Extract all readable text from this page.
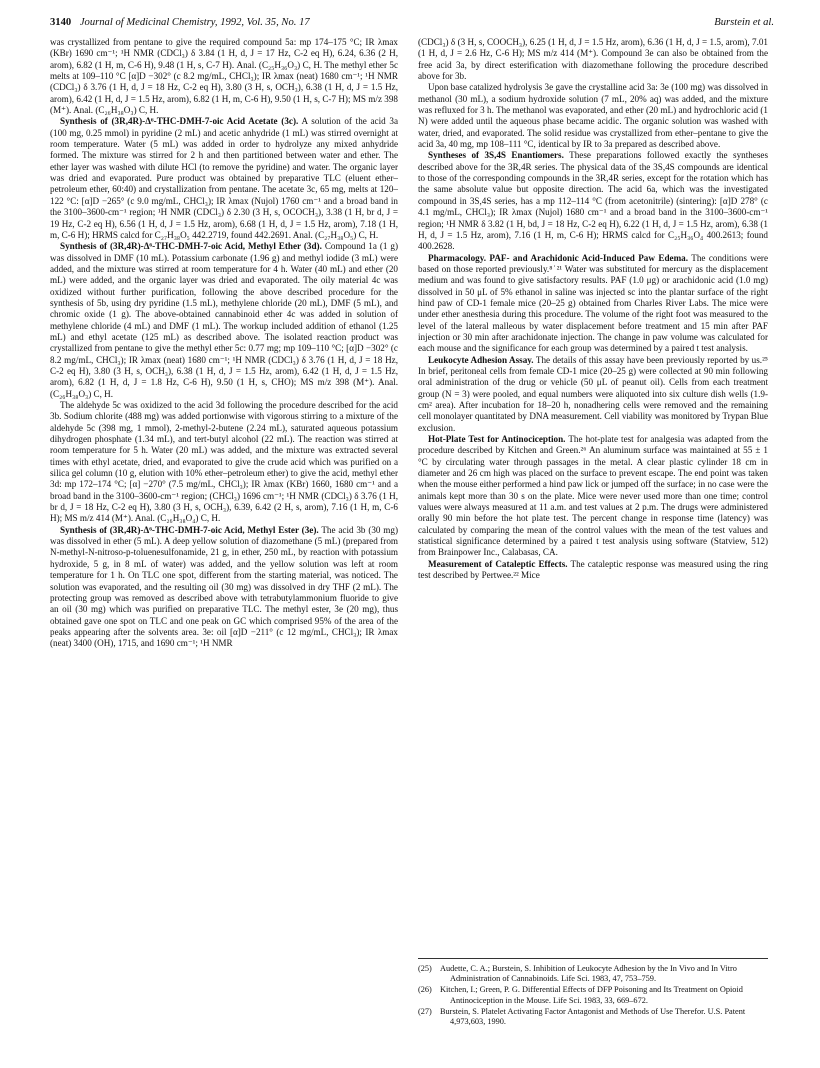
3140 Journal of Medicinal Chemistry, 1992, Vol. 35, No. 17	Burstein et al.

was crystallized from pentane to give the required compound 5a: mp 174–175 °C; IR λmax (KBr) 1690 cm⁻¹; ¹H NMR (CDCl₃) δ 3.84 (1 H, d, J = 17 Hz, C-2 eq H), 6.24, 6.36 (2 H, arom), 6.82 (1 H, m, C-6 H), 9.48 (1 H, s, C-7 H). Anal. (C₂₅H₃₆O₃) C, H. The methyl ether 5c melts at 109–110 °C [α]D −302° (c 8.2 mg/mL, CHCl₃); IR λmax (neat) 1680 cm⁻¹; ¹H NMR (CDCl₃) δ 3.76 (1 H, d, J = 18 Hz, C-2 eq H), 3.80 (3 H, s, OCH₃), 6.38 (1 H, d, J = 1.5 Hz, arom), 6.42 (1 H, d, J = 1.5 Hz, arom), 6.82 (1 H, m, C-6 H), 9.50 (1 H, s, C-7 H); MS m/z 398 (M⁺). Anal. (C₂₆H₃₈O₃) C, H.

Synthesis of (3R,4R)-Δ⁶-THC-DMH-7-oic Acid Acetate (3c). A solution of the acid 3a (100 mg, 0.25 mmol) in pyridine (2 mL) and acetic anhydride (1 mL) was stirred overnight at room temperature. Water (5 mL) was added in order to hydrolyze any mixed anhydride formed. The mixture was stirred for 2 h and then partitioned between water and ether. The ether layer was washed with dilute HCl (to remove the pyridine) and water. The organic layer was dried and evaporated. Pure product was obtained by preparative TLC (eluent ether–petroleum ether, 60:40) and crystallization from pentane. The acetate 3c, 65 mg, melts at 120–122 °C: [α]D −265° (c 9.0 mg/mL, CHCl₃); IR λmax (Nujol) 1760 cm⁻¹ and a broad band in the 3100–3600-cm⁻¹ region; ¹H NMR (CDCl₃) δ 2.30 (3 H, s, OCOCH₃), 3.38 (1 H, br d, J = 19 Hz, C-2 eq H), 6.56 (1 H, d, J = 1.5 Hz, arom), 6.68 (1 H, d, J = 1.5 Hz, arom), 7.18 (1 H, m, C-6 H); HRMS calcd for C₂₇H₃₈O₅ 442.2719, found 442.2691. Anal. (C₂₇H₃₈O₅) C, H.

Synthesis of (3R,4R)-Δ⁶-THC-DMH-7-oic Acid, Methyl Ether (3d). Compound 1a (1 g) was dissolved in DMF (10 mL). Potassium carbonate (1.96 g) and methyl iodide (3 mL) were added, and the mixture was stirred at room temperature for 4 h. Water (40 mL) and ether (20 mL) were added, and the organic layer was dried and evaporated. The oily material 4c was oxidized without further purification, following the above described procedure for the synthesis of 5b, using dry pyridine (1.5 mL), methylene chloride (20 mL), DMF (5 mL), and chromic oxide (1 g). The above-obtained cannabinoid ether 4c was added in solution of methylene chloride (4 mL) and DMF (1 mL). The workup included addition of ethanol (1.25 mL) and ethyl acetate (125 mL) as described above. The isolated reaction product was crystallized from pentane to give the methyl ether 5c: 0.77 mg; mp 109–110 °C; [α]D −302° (c 8.2 mg/mL, CHCl₃); IR λmax (neat) 1680 cm⁻¹; ¹H NMR (CDCl₃) δ 3.76 (1 H, d, J = 18 Hz, C-2 eq H), 3.80 (3 H, s, OCH₃), 6.38 (1 H, d, J = 1.5 Hz, arom), 6.42 (1 H, d, J = 1.5 Hz, arom), 6.82 (1 H, d, J = 1.8 Hz, C-6 H), 9.50 (1 H, s, CHO); MS m/z 398 (M⁺). Anal. (C₂₆H₃₈O₃) C, H.

The aldehyde 5c was oxidized to the acid 3d following the procedure described for the acid 3b. Sodium chlorite (488 mg) was added portionwise with vigorous stirring to a mixture of the aldehyde 5c (398 mg, 1 mmol), 2-methyl-2-butene (2.24 mL), saturated aqueous potassium dihydrogen phosphate (1.34 mL), and tert-butyl alcohol (22 mL). The reaction was stirred at room temperature for 5 h. Water (20 mL) was added, and the mixture was extracted several times with ethyl acetate, dried, and evaporated to give the crude acid which was purified on a silica gel column (10 g, elution with 10% ether–petroleum ether) to give the acid, methyl ether 3d: mp 172–174 °C; [α] −270° (7.5 mg/mL, CHCl₃); IR λmax (KBr) 1660, 1680 cm⁻¹ and a broad band in the 3100–3600-cm⁻¹ region; (CHCl₃) 1696 cm⁻¹; ¹H NMR (CDCl₃) δ 3.76 (1 H, br d, J = 18 Hz, C-2 eq H), 3.80 (3 H, s, OCH₃), 6.39, 6.42 (2 H, s, arom), 7.16 (1 H, m, C-6 H); MS m/z 414 (M⁺). Anal. (C₂₆H₃₈O₄) C, H.

Synthesis of (3R,4R)-Δ⁶-THC-DMH-7-oic Acid, Methyl Ester (3e). The acid 3b (30 mg) was dissolved in ether (5 mL). A deep yellow solution of diazomethane (5 mL) (prepared from N-methyl-N-nitroso-p-toluenesulfonamide, 21 g, in ether, 250 mL, by reaction with potassium hydroxide, 5 g, in 8 mL of water) was added, and the yellow solution was left at room temperature for 1 h. On TLC one spot, different from the starting material, was noticed. The solution was evaporated, and the resulting oil (30 mg) was dissolved in dry THF (2 mL). The protecting group was removed as described above with tetrabutylammonium fluoride to give an oil (30 mg) which was purified on preparative TLC. The methyl ester, 3e (20 mg), thus obtained gave one spot on TLC and one peak on GC which comprised 95% of the area of the peaks appearing after the solvents area. 3e: oil [α]D −211° (c 12 mg/mL, CHCl₃); IR λmax (neat) 3400 (OH), 1715, and 1690 cm⁻¹; ¹H NMR

(CDCl₃) δ (3 H, s, COOCH₃), 6.25 (1 H, d, J = 1.5 Hz, arom), 6.36 (1 H, d, J = 1.5, arom), 7.01 (1 H, d, J = 2.6 Hz, C-6 H); MS m/z 414 (M⁺). Compound 3e can also be obtained from the free acid 3a, by direct esterification with diazomethane following the procedure described above for 3b.

Upon base catalized hydrolysis 3e gave the crystalline acid 3a: 3e (100 mg) was dissolved in methanol (30 mL), a sodium hydroxide solution (7 mL, 20% aq) was added, and the mixture was refluxed for 3 h. The methanol was evaporated, and ether (20 mL) and hydrochloric acid (1 N) were added until the aqueous phase became acidic. The organic solution was washed with water, dried, and evaporated. The solid residue was crystallized from ether–pentane to give the acid 3a, 40 mg, mp 108–111 °C, identical by IR to 3a prepared as described above.

Syntheses of 3S,4S Enantiomers. These preparations followed exactly the syntheses described above for the 3R,4R series. The physical data of the 3S,4S compounds are identical to those of the corresponding compounds in the 3R,4R series, except for the rotation which has the same absolute value but opposite direction. The acid 6a, which was the investigated compound in 3S,4S series, has a mp 112–114 °C (from acetonitrile) (sintering): [α]D 278° (c 4.1 mg/mL, CHCl₃); IR λmax (Nujol) 1680 cm⁻¹ and a broad band in the 3100–3600-cm⁻¹ region; ¹H NMR δ 3.82 (1 H, bd, J = 18 Hz, C-2 eq H), 6.22 (1 H, d, J = 1.5 Hz, arom), 6.38 (1 H, d, J = 1.5 Hz, arom), 7.16 (1 H, m, C-6 H); HRMS calcd for C₂₅H₃₆O₄ 400.2613; found 400.2628.

Pharmacology. PAF- and Arachidonic Acid-Induced Paw Edema. The conditions were based on those reported previously.⁸˙²¹ Water was substituted for mercury as the displacement medium and was found to give satisfactory results. PAF (1.0 μg) or arachidonic acid (1.0 mg) dissolved in 50 μL of 5% ethanol in saline was injected sc into the plantar surface of the right hind paw of CD-1 female mice (20–25 g) obtained from Charles River Labs. The mice were under ether anesthesia during this procedure. The volume of the right foot was measured to the level of the lateral malleous by water displacement before treatment and 15 min after PAF injection or 30 min after arachidonate injection. The change in paw volume was calculated for each mouse and the significance for each group was determined by a paired t test analysis.

Leukocyte Adhesion Assay. The details of this assay have been previously reported by us.²⁵ In brief, peritoneal cells from female CD-1 mice (20–25 g) were collected at 90 min following oral administration of the drug or vehicle (50 μL of peanut oil). Cells from each treatment group (N = 3) were pooled, and equal numbers were aliquoted into six culture dish wells (1.9-cm² area). After incubation for 18–20 h, nonadhering cells were removed and the remaining cell monolayer quantitated by DNA measurement. Cell viability was monitored by Trypan Blue exclusion.

Hot-Plate Test for Antinociception. The hot-plate test for analgesia was adapted from the procedure described by Kitchen and Green.²⁶ An aluminum surface was maintained at 55 ± 1 °C by circulating water through passages in the metal. A clear plastic cylinder 18 cm in diameter and 26 cm high was placed on the surface to prevent escape. The end point was taken when the mouse either performed a hind paw lick or jumped off the surface; in no case were the animals kept more than 30 s on the plate. Mice were never used more than one time; control values were always measured at 11 a.m. and test values at 2 p.m. The drugs were administered orally 90 min before the hot plate test. The percent change in response time (latency) was calculated by comparing the mean of the control values with the mean of the test values and statistical significance determined by a paired t test analysis using software (Statview, 512) from Brainpower Inc., Calabasas, CA.

Measurement of Cataleptic Effects. The cataleptic response was measured using the ring test described by Pertwee.²² Mice

(25) Audette, C. A.; Burstein, S. Inhibition of Leukocyte Adhesion by the In Vivo and In Vitro Administration of Cannabinoids. Life Sci. 1983, 47, 753–759.
(26) Kitchen, I.; Green, P. G. Differential Effects of DFP Poisoning and Its Treatment on Opioid Antinociception in the Mouse. Life Sci. 1983, 33, 669–672.
(27) Burstein, S. Platelet Activating Factor Antagonist and Methods of Use Therefor. U.S. Patent 4,973,603, 1990.
